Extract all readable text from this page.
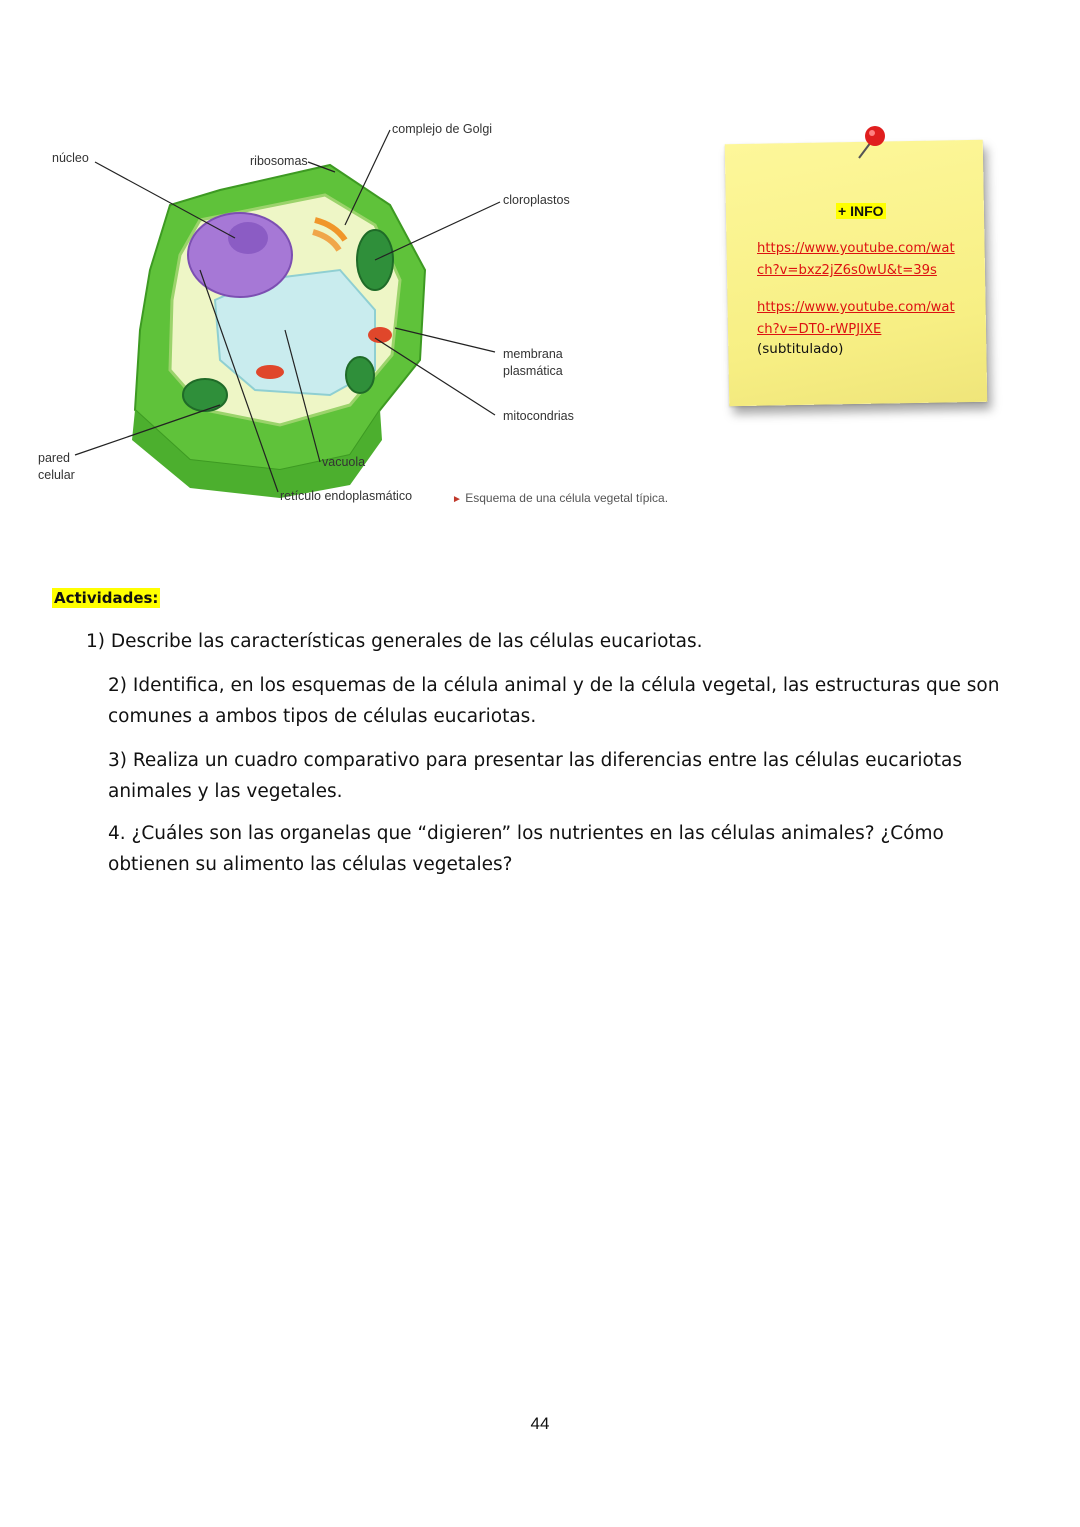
núcleo	ribosomas
complejo de Golgi
cloroplastos
membrana plasmática
mitocondrias
pared celular
vacuola
retículo endoplasmático	► Esquema de una célula vegetal típica.
+ INFO
https://www.youtube.com/watch?v=bxz2jZ6s0wU&t=39s
https://www.youtube.com/watch?v=DT0-rWPJIXE
(subtitulado)
Actividades:
1) Describe las características generales de las células eucariotas.
2) Identifica, en los esquemas de la célula animal y de la célula vegetal, las estructuras que son comunes a ambos tipos de células eucariotas.
3) Realiza un cuadro comparativo para presentar las diferencias entre las células eucariotas animales y las vegetales.
4. ¿Cuáles son las organelas que “digieren” los nutrientes en las células animales? ¿Cómo obtienen su alimento las células vegetales?
44
